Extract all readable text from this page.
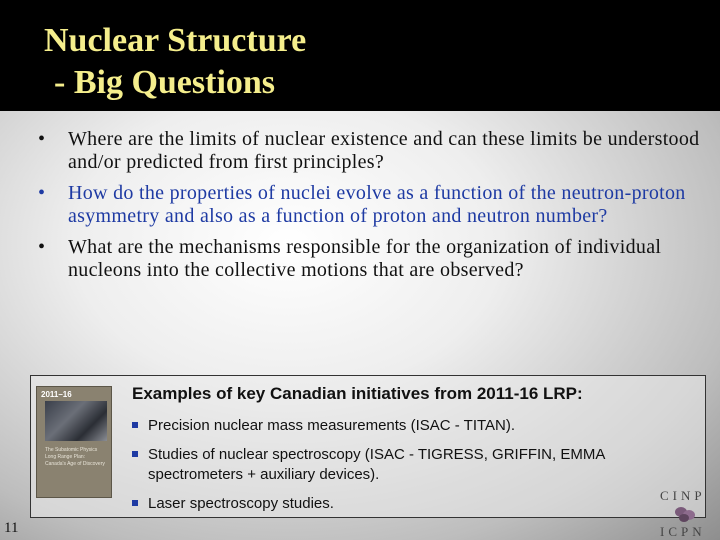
Nuclear Structure
- Big Questions
• Where are the limits of nuclear existence and can these limits be understood and/or predicted from first principles?
• How do the properties of nuclei evolve as a function of the neutron-proton asymmetry and also as a function of proton and neutron number?
• What are the mechanisms responsible for the organization of individual nucleons into the collective motions that are observed?
2011–16
The Subatomic Physics Long Range Plan: Canada's Age of Discovery
Examples of key Canadian initiatives from 2011-16 LRP:
Precision nuclear mass measurements (ISAC - TITAN).
Studies of nuclear spectroscopy (ISAC - TIGRESS, GRIFFIN, EMMA spectrometers + auxiliary devices).
Laser spectroscopy studies.	CINP
ICPN
11
